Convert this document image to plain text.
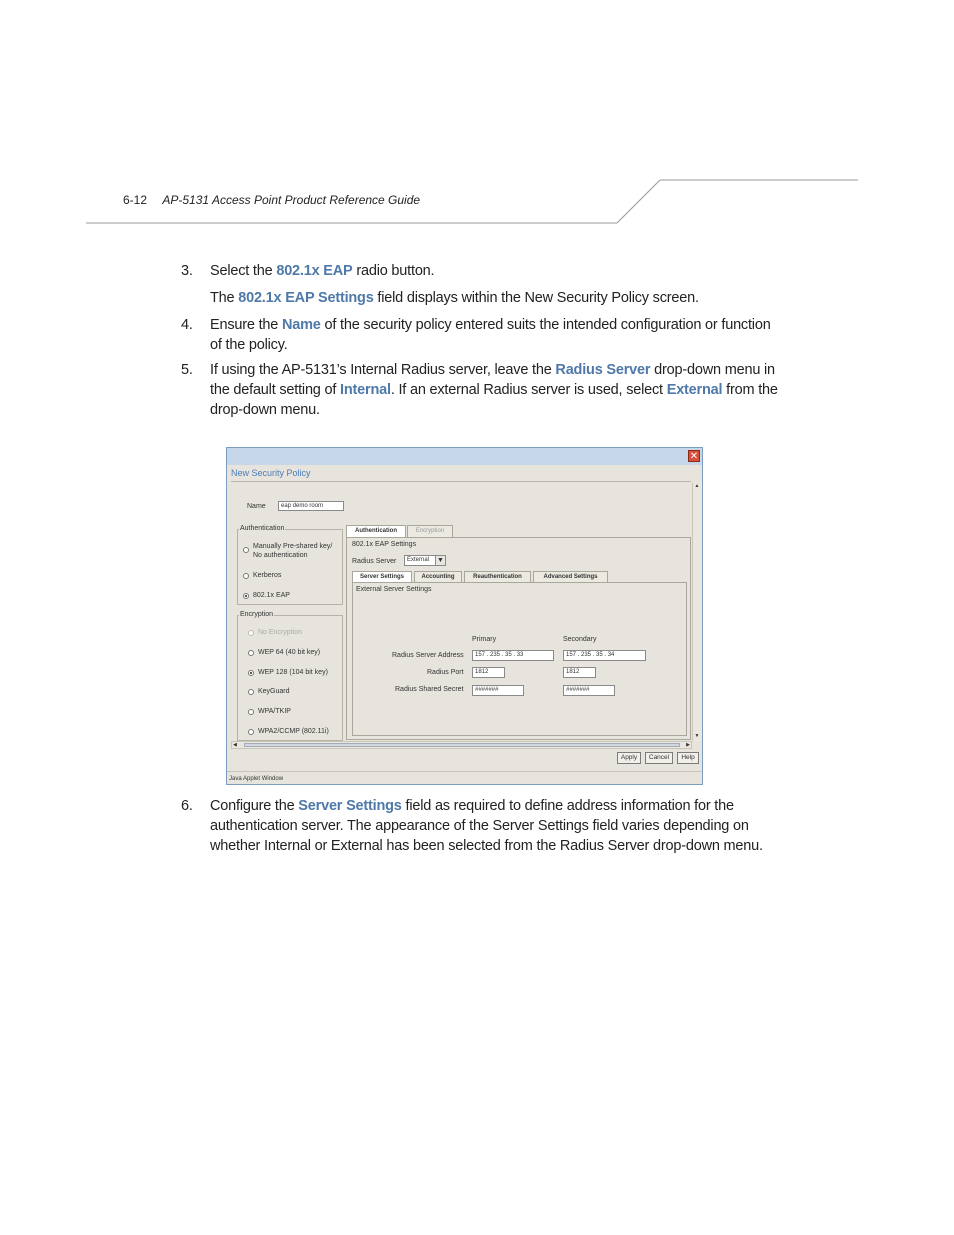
6-12 AP-5131 Access Point Product Reference Guide
3. Select the 802.1x EAP radio button.
The 802.1x EAP Settings field displays within the New Security Policy screen.
4. Ensure the Name of the security policy entered suits the intended configuration or function of the policy.
5. If using the AP-5131’s Internal Radius server, leave the Radius Server drop-down menu in the default setting of Internal. If an external Radius server is used, select External from the drop-down menu.
✕
New Security Policy
Name	eap demo room
Authentication
Manually Pre-shared key/
No authentication
Kerberos
802.1x EAP
Encryption
No Encryption
WEP 64 (40 bit key)
WEP 128 (104 bit key)
KeyGuard
WPA/TKIP
WPA2/CCMP (802.11i)
Authentication	Encryption
802.1x EAP Settings
Radius Server	External	▼
Server Settings	Accounting	Reauthentication	Advanced Settings
External Server Settings
Primary	Secondary
Radius Server Address	157 . 235 . 35 . 33	157 . 235 . 35 . 34
Radius Port	1812	1812
Radius Shared Secret	#######	#######
▲
▼
◀	▶
Apply	Cancel	Help
Java Applet Window
6. Configure the Server Settings field as required to define address information for the authentication server. The appearance of the Server Settings field varies depending on whether Internal or External has been selected from the Radius Server drop-down menu.
